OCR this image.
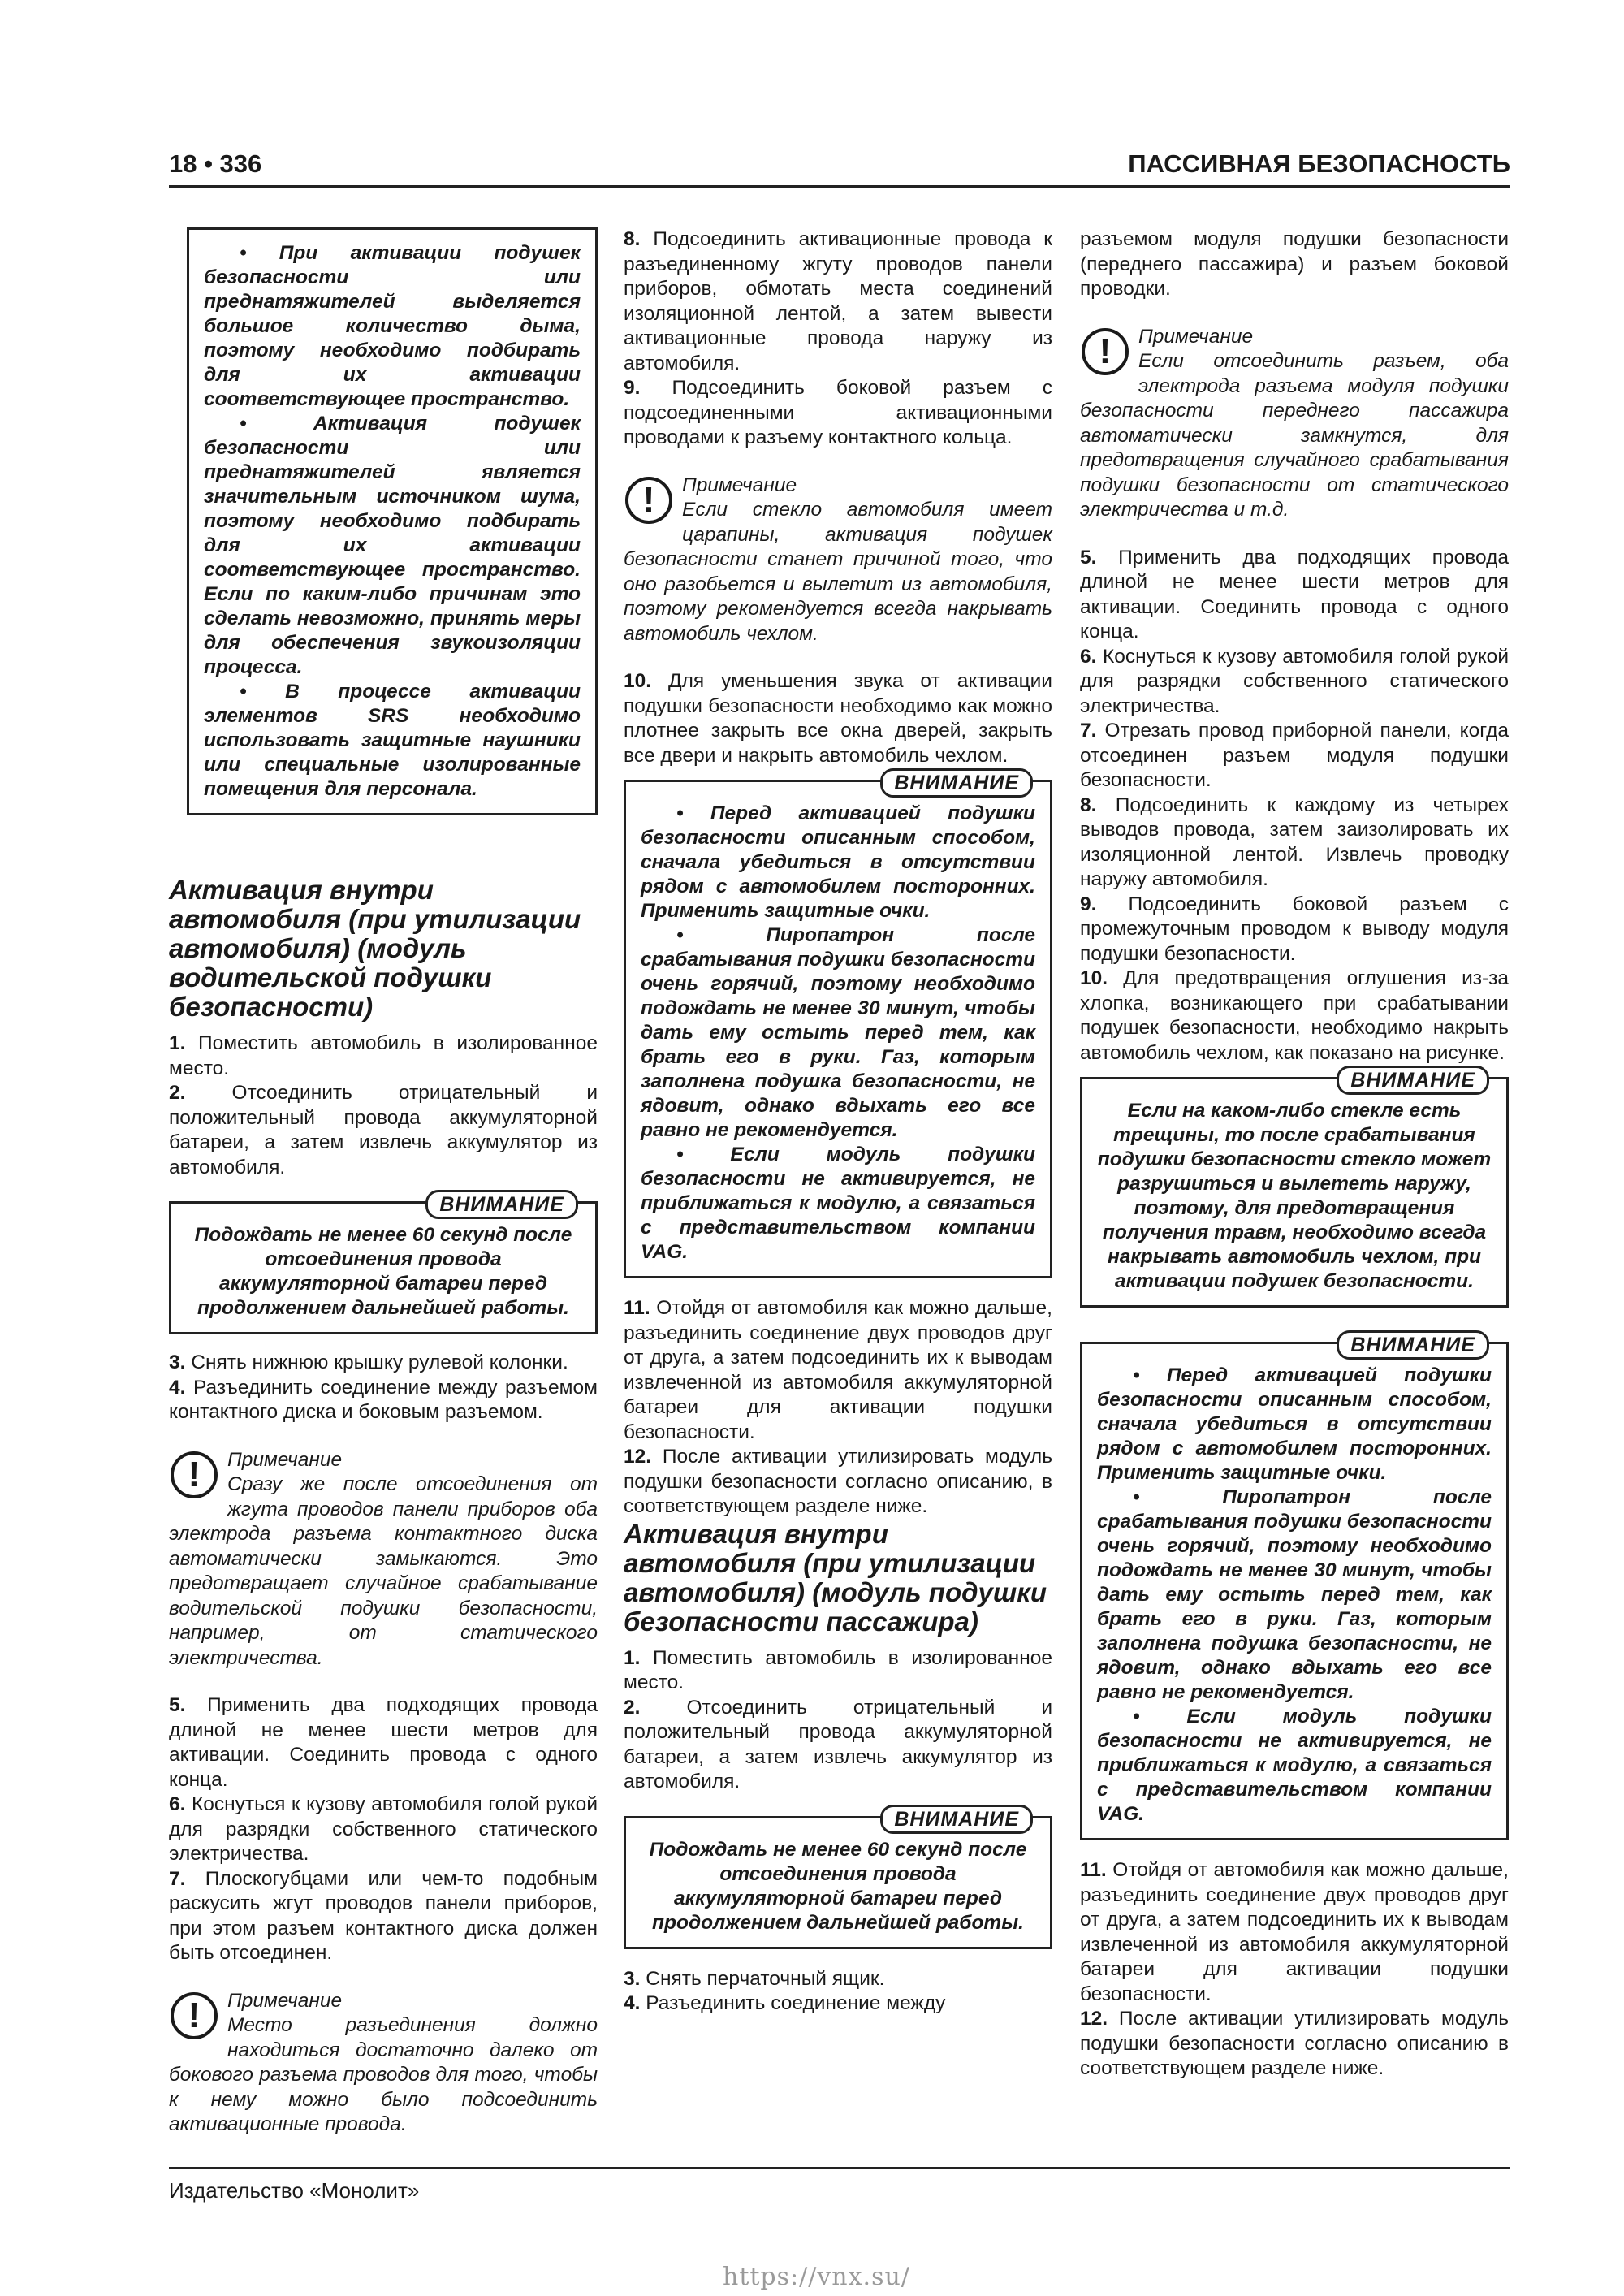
18 • 336	ПАССИВНАЯ БЕЗОПАСНОСТЬ

• При активации подушек безопасности или преднатяжителей выделяется большое количество дыма, поэтому необходимо подбирать для их активации соответствующее пространство.

• Активация подушек безопасности или преднатяжителей является значительным источником шума, поэтому необходимо подбирать для их активации соответствующее пространство. Если по каким-либо причинам это сделать невозможно, принять меры для обеспечения звукоизоляции процесса.

• В процессе активации элементов SRS необходимо использовать защитные наушники или специальные изолированные помещения для персонала.

Активация внутри автомобиля (при утилизации автомобиля) (модуль водительской подушки безопасности)

1. Поместить автомобиль в изолированное место.

2. Отсоединить отрицательный и положительный провода аккумуляторной батареи, а затем извлечь аккумулятор из автомобиля.

ВНИМАНИЕ

Подождать не менее 60 секунд после отсоединения провода аккумуляторной батареи перед продолжением дальнейшей работы.

3. Снять нижнюю крышку рулевой колонки.

4. Разъединить соединение между разъемом контактного диска и боковым разъемом.

!	Примечание
Сразу же после отсоединения от жгута проводов панели приборов оба электрода разъема контактного диска автоматически замыкаются. Это предотвращает случайное срабатывание водительской подушки безопасности, например, от статического электричества.

5. Применить два подходящих провода длиной не менее шести метров для активации. Соединить провода с одного конца.

6. Коснуться к кузову автомобиля голой рукой для разрядки собственного статического электричества.

7. Плоскогубцами или чем-то подобным раскусить жгут проводов панели приборов, при этом разъем контактного диска должен быть отсоединен.

!	Примечание
Место разъединения должно находиться достаточно далеко от бокового разъема проводов для того, чтобы к нему можно было подсоединить активационные провода.

8. Подсоединить активационные провода к разъединенному жгуту проводов панели приборов, обмотать места соединений изоляционной лентой, а затем вывести активационные провода наружу из автомобиля.

9. Подсоединить боковой разъем с подсоединенными активационными проводами к разъему контактного кольца.

!	Примечание
Если стекло автомобиля имеет царапины, активация подушек безопасности станет причиной того, что оно разобьется и вылетит из автомобиля, поэтому рекомендуется всегда накрывать автомобиль чехлом.

10. Для уменьшения звука от активации подушки безопасности необходимо как можно плотнее закрыть все окна дверей, закрыть все двери и накрыть автомобиль чехлом.

ВНИМАНИЕ

• Перед активацией подушки безопасности описанным способом, сначала убедиться в отсутствии рядом с автомобилем посторонних. Применить защитные очки.

• Пиропатрон после срабатывания подушки безопасности очень горячий, поэтому необходимо подождать не менее 30 минут, чтобы дать ему остыть перед тем, как брать его в руки. Газ, которым заполнена подушка безопасности, не ядовит, однако вдыхать его все равно не рекомендуется.

• Если модуль подушки безопасности не активируется, не приближаться к модулю, а связаться с представительством компании VAG.

11. Отойдя от автомобиля как можно дальше, разъединить соединение двух проводов друг от друга, а затем подсоединить их к выводам извлеченной из автомобиля аккумуляторной батареи для активации подушки безопасности.

12. После активации утилизировать модуль подушки безопасности согласно описанию, в соответствующем разделе ниже.

Активация внутри автомобиля (при утилизации автомобиля) (модуль подушки безопасности пассажира)

1. Поместить автомобиль в изолированное место.

2. Отсоединить отрицательный и положительный провода аккумуляторной батареи, а затем извлечь аккумулятор из автомобиля.

ВНИМАНИЕ

Подождать не менее 60 секунд после отсоединения провода аккумуляторной батареи перед продолжением дальнейшей работы.

3. Снять перчаточный ящик.

4. Разъединить соединение между

разъемом модуля подушки безопасности (переднего пассажира) и разъем боковой проводки.

!	Примечание
Если отсоединить разъем, оба электрода разъема модуля подушки безопасности переднего пассажира автоматически замкнутся, для предотвращения случайного срабатывания подушки безопасности от статического электричества и т.д.

5. Применить два подходящих провода длиной не менее шести метров для активации. Соединить провода с одного конца.

6. Коснуться к кузову автомобиля голой рукой для разрядки собственного статического электричества.

7. Отрезать провод приборной панели, когда отсоединен разъем модуля подушки безопасности.

8. Подсоединить к каждому из четырех выводов провода, затем заизолировать их изоляционной лентой. Извлечь проводку наружу автомобиля.

9. Подсоединить боковой разъем с промежуточным проводом к выводу модуля подушки безопасности.

10. Для предотвращения оглушения из-за хлопка, возникающего при срабатывании подушек безопасности, необходимо накрыть автомобиль чехлом, как показано на рисунке.

ВНИМАНИЕ

Если на каком-либо стекле есть трещины, то после срабатывания подушки безопасности стекло может разрушиться и вылететь наружу, поэтому, для предотвращения получения травм, необходимо всегда накрывать автомобиль чехлом, при активации подушек безопасности.

ВНИМАНИЕ

• Перед активацией подушки безопасности описанным способом, сначала убедиться в отсутствии рядом с автомобилем посторонних. Применить защитные очки.

• Пиропатрон после срабатывания подушки безопасности очень горячий, поэтому необходимо подождать не менее 30 минут, чтобы дать ему остыть перед тем, как брать его в руки. Газ, которым заполнена подушка безопасности, не ядовит, однако вдыхать его все равно не рекомендуется.

• Если модуль подушки безопасности не активируется, не приближаться к модулю, а связаться с представительством компании VAG.

11. Отойдя от автомобиля как можно дальше, разъединить соединение двух проводов друг от друга, а затем подсоединить их к выводам извлеченной из автомобиля аккумуляторной батареи для активации подушки безопасности.

12. После активации утилизировать модуль подушки безопасности согласно описанию в соответствующем разделе ниже.

Издательство «Монолит»
https://vnx.su/
